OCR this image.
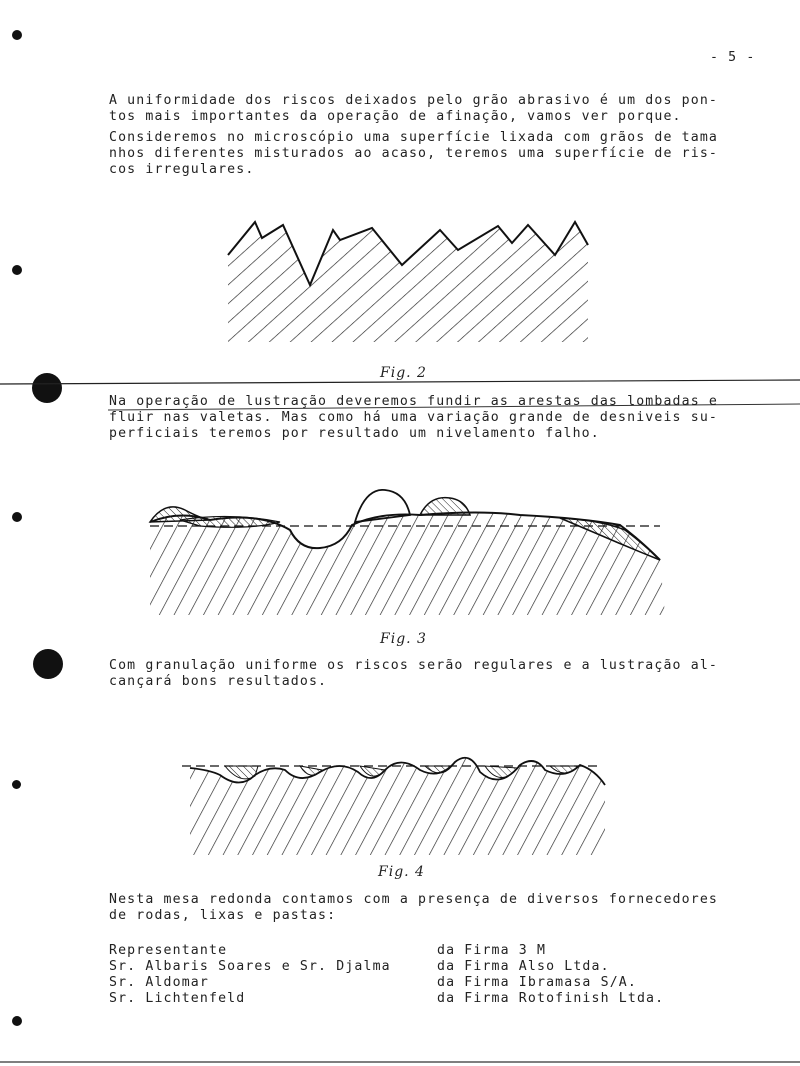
- 5 -
A uniformidade dos riscos deixados pelo grão abrasivo é um dos pon-
tos mais importantes da operação de afinação, vamos ver porque.
Consideremos no microscópio uma superfície lixada com grãos de tama
nhos diferentes misturados ao acaso, teremos uma superfície de ris-
cos irregulares.
Fig. 2
Na operação de lustração deveremos fundir as arestas das lombadas e
fluir nas valetas. Mas como há uma variação grande de desniveis su-
perficiais teremos por resultado um nivelamento falho.
Fig. 3
Com granulação uniforme os riscos serão regulares e a lustração al-
cançará bons resultados.
Fig. 4
Nesta mesa redonda contamos com a presença de diversos fornecedores
de rodas, lixas e pastas:
Representante	da Firma 3 M
Sr. Albaris Soares e Sr. Djalma	da Firma Also Ltda.
Sr. Aldomar	da Firma Ibramasa S/A.
Sr. Lichtenfeld	da Firma Rotofinish Ltda.
